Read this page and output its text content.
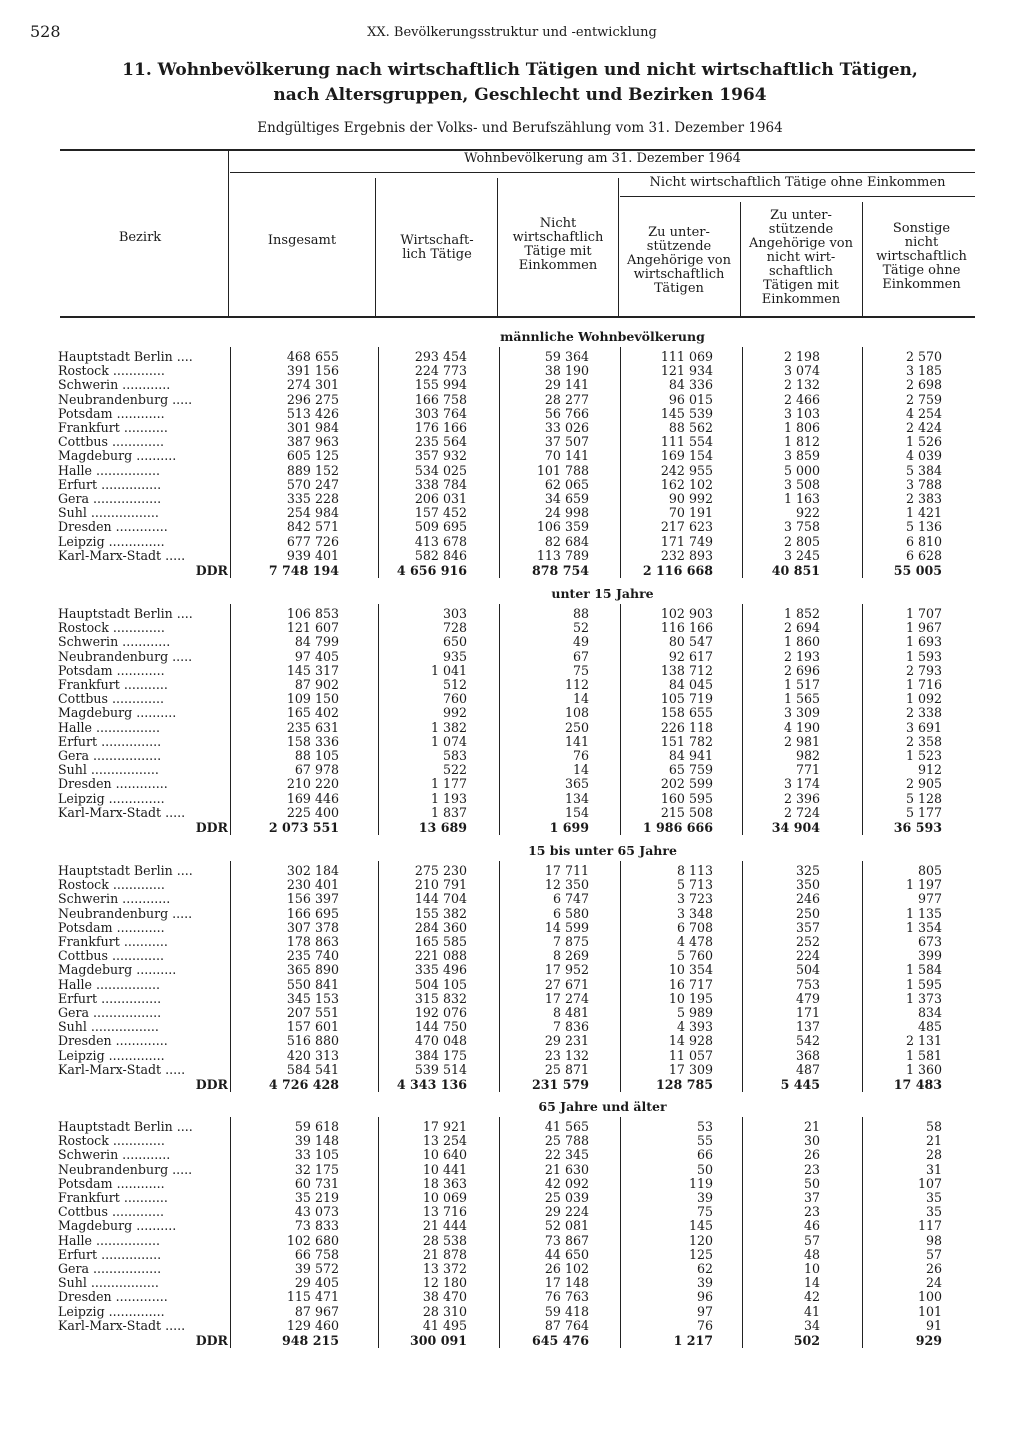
528	XX. Bevölkerungsstruktur und -entwicklung
11. Wohnbevölkerung nach wirtschaftlich Tätigen und nicht wirtschaftlich Tätigen,
nach Altersgruppen, Geschlecht und Bezirken 1964
Endgültiges Ergebnis der Volks- und Berufszählung vom 31. Dezember 1964
Bezirk
Wohnbevölkerung am 31. Dezember 1964
Nicht wirtschaftlich Tätige ohne Einkommen
Insgesamt	Wirtschaft-
lich Tätige
Nicht
wirtschaftlich
Tätige mit
Einkommen
Zu unter-
stützende
Angehörige von
wirtschaftlich
Tätigen
Zu unter-
stützende
Angehörige von
nicht wirt-
schaftlich
Tätigen mit
Einkommen
Sonstige
nicht
wirtschaftlich
Tätige ohne
Einkommen
männliche Wohnbevölkerung
Hauptstadt Berlin ....	468 655	293 454	59 364	111 069	2 198	2 570
Rostock .............	391 156	224 773	38 190	121 934	3 074	3 185
Schwerin ............	274 301	155 994	29 141	84 336	2 132	2 698
Neubrandenburg .....	296 275	166 758	28 277	96 015	2 466	2 759
Potsdam ............	513 426	303 764	56 766	145 539	3 103	4 254
Frankfurt ...........	301 984	176 166	33 026	88 562	1 806	2 424
Cottbus .............	387 963	235 564	37 507	111 554	1 812	1 526
Magdeburg ..........	605 125	357 932	70 141	169 154	3 859	4 039
Halle ................	889 152	534 025	101 788	242 955	5 000	5 384
Erfurt ...............	570 247	338 784	62 065	162 102	3 508	3 788
Gera .................	335 228	206 031	34 659	90 992	1 163	2 383
Suhl .................	254 984	157 452	24 998	70 191	922	1 421
Dresden .............	842 571	509 695	106 359	217 623	3 758	5 136
Leipzig ..............	677 726	413 678	82 684	171 749	2 805	6 810
Karl-Marx-Stadt .....	939 401	582 846	113 789	232 893	3 245	6 628
DDR	7 748 194	4 656 916	878 754	2 116 668	40 851	55 005
unter 15 Jahre
Hauptstadt Berlin ....	106 853	303	88	102 903	1 852	1 707
Rostock .............	121 607	728	52	116 166	2 694	1 967
Schwerin ............	84 799	650	49	80 547	1 860	1 693
Neubrandenburg .....	97 405	935	67	92 617	2 193	1 593
Potsdam ............	145 317	1 041	75	138 712	2 696	2 793
Frankfurt ...........	87 902	512	112	84 045	1 517	1 716
Cottbus .............	109 150	760	14	105 719	1 565	1 092
Magdeburg ..........	165 402	992	108	158 655	3 309	2 338
Halle ................	235 631	1 382	250	226 118	4 190	3 691
Erfurt ...............	158 336	1 074	141	151 782	2 981	2 358
Gera .................	88 105	583	76	84 941	982	1 523
Suhl .................	67 978	522	14	65 759	771	912
Dresden .............	210 220	1 177	365	202 599	3 174	2 905
Leipzig ..............	169 446	1 193	134	160 595	2 396	5 128
Karl-Marx-Stadt .....	225 400	1 837	154	215 508	2 724	5 177
DDR	2 073 551	13 689	1 699	1 986 666	34 904	36 593
15 bis unter 65 Jahre
Hauptstadt Berlin ....	302 184	275 230	17 711	8 113	325	805
Rostock .............	230 401	210 791	12 350	5 713	350	1 197
Schwerin ............	156 397	144 704	6 747	3 723	246	977
Neubrandenburg .....	166 695	155 382	6 580	3 348	250	1 135
Potsdam ............	307 378	284 360	14 599	6 708	357	1 354
Frankfurt ...........	178 863	165 585	7 875	4 478	252	673
Cottbus .............	235 740	221 088	8 269	5 760	224	399
Magdeburg ..........	365 890	335 496	17 952	10 354	504	1 584
Halle ................	550 841	504 105	27 671	16 717	753	1 595
Erfurt ...............	345 153	315 832	17 274	10 195	479	1 373
Gera .................	207 551	192 076	8 481	5 989	171	834
Suhl .................	157 601	144 750	7 836	4 393	137	485
Dresden .............	516 880	470 048	29 231	14 928	542	2 131
Leipzig ..............	420 313	384 175	23 132	11 057	368	1 581
Karl-Marx-Stadt .....	584 541	539 514	25 871	17 309	487	1 360
DDR	4 726 428	4 343 136	231 579	128 785	5 445	17 483
65 Jahre und älter
Hauptstadt Berlin ....	59 618	17 921	41 565	53	21	58
Rostock .............	39 148	13 254	25 788	55	30	21
Schwerin ............	33 105	10 640	22 345	66	26	28
Neubrandenburg .....	32 175	10 441	21 630	50	23	31
Potsdam ............	60 731	18 363	42 092	119	50	107
Frankfurt ...........	35 219	10 069	25 039	39	37	35
Cottbus .............	43 073	13 716	29 224	75	23	35
Magdeburg ..........	73 833	21 444	52 081	145	46	117
Halle ................	102 680	28 538	73 867	120	57	98
Erfurt ...............	66 758	21 878	44 650	125	48	57
Gera .................	39 572	13 372	26 102	62	10	26
Suhl .................	29 405	12 180	17 148	39	14	24
Dresden .............	115 471	38 470	76 763	96	42	100
Leipzig ..............	87 967	28 310	59 418	97	41	101
Karl-Marx-Stadt .....	129 460	41 495	87 764	76	34	91
DDR	948 215	300 091	645 476	1 217	502	929
